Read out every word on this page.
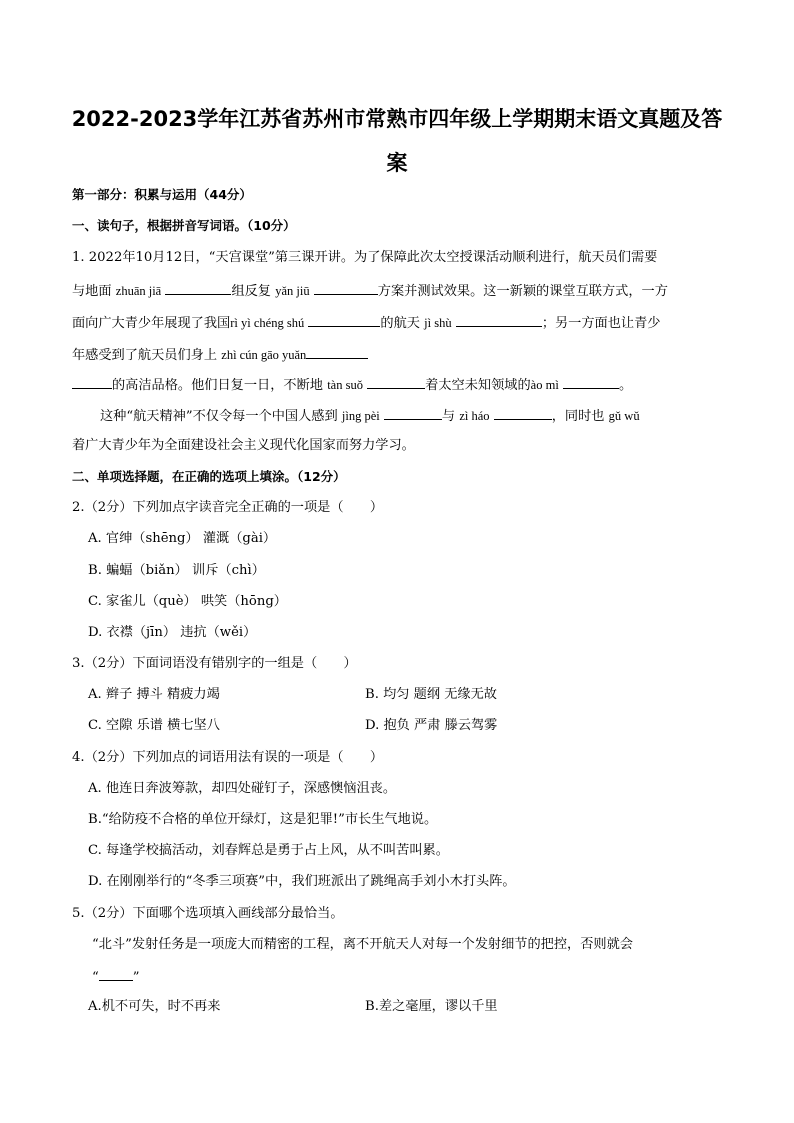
2022-2023学年江苏省苏州市常熟市四年级上学期期末语文真题及答
案
第一部分：积累与运用（44分）
一、读句子，根据拼音写词语。（10分）
1. 2022年10月12日，“天宫课堂”第三课开讲。为了保障此次太空授课活动顺利进行，航天员们需要
与地面 zhuān jiā	组反复 yǎn jiū	方案并测试效果。这一新颖的课堂互联方式，一方
面向广大青少年展现了我国rì yì chéng shú	的航天 jì shù	；另一方面也让青少
年感受到了航天员们身上 zhì cún gāo yuǎn
的高洁品格。他们日复一日，不断地 tàn suǒ	着太空未知领域的ào mì	。
这种“航天精神”不仅令每一个中国人感到 jìng pèi	与 zì háo	，同时也 gǔ wǔ
着广大青少年为全面建设社会主义现代化国家而努力学习。
二、单项选择题，在正确的选项上填涂。（12分）
2.（2分）下列加点字读音完全正确的一项是（　　）
A. 官绅（shēng） 灌溉（gài）
B. 蝙蝠（biǎn） 训斥（chì）
C. 家雀儿（què） 哄笑（hōng）
D. 衣襟（jīn） 违抗（wěi）
3.（2分）下面词语没有错别字的一组是（　　）
A. 辫子 搏斗 精疲力竭	B. 均匀 题纲 无缘无故
C. 空隙 乐谱 横七坚八	D. 抱负 严肃 滕云驾雾
4.（2分）下列加点的词语用法有误的一项是（　　）
A. 他连日奔波筹款，却四处碰钉子，深感懊恼沮丧。
B.“给防疫不合格的单位开绿灯，这是犯罪!”市长生气地说。
C. 每逢学校搞活动，刘春辉总是勇于占上风，从不叫苦叫累。
D. 在刚刚举行的“冬季三项赛”中，我们班派出了跳绳高手刘小木打头阵。
5.（2分）下面哪个选项填入画线部分最恰当。
“北斗”发射任务是一项庞大而精密的工程，离不开航天人对每一个发射细节的把控，否则就会
“	”
A.机不可失，时不再来	B.差之毫厘，谬以千里
